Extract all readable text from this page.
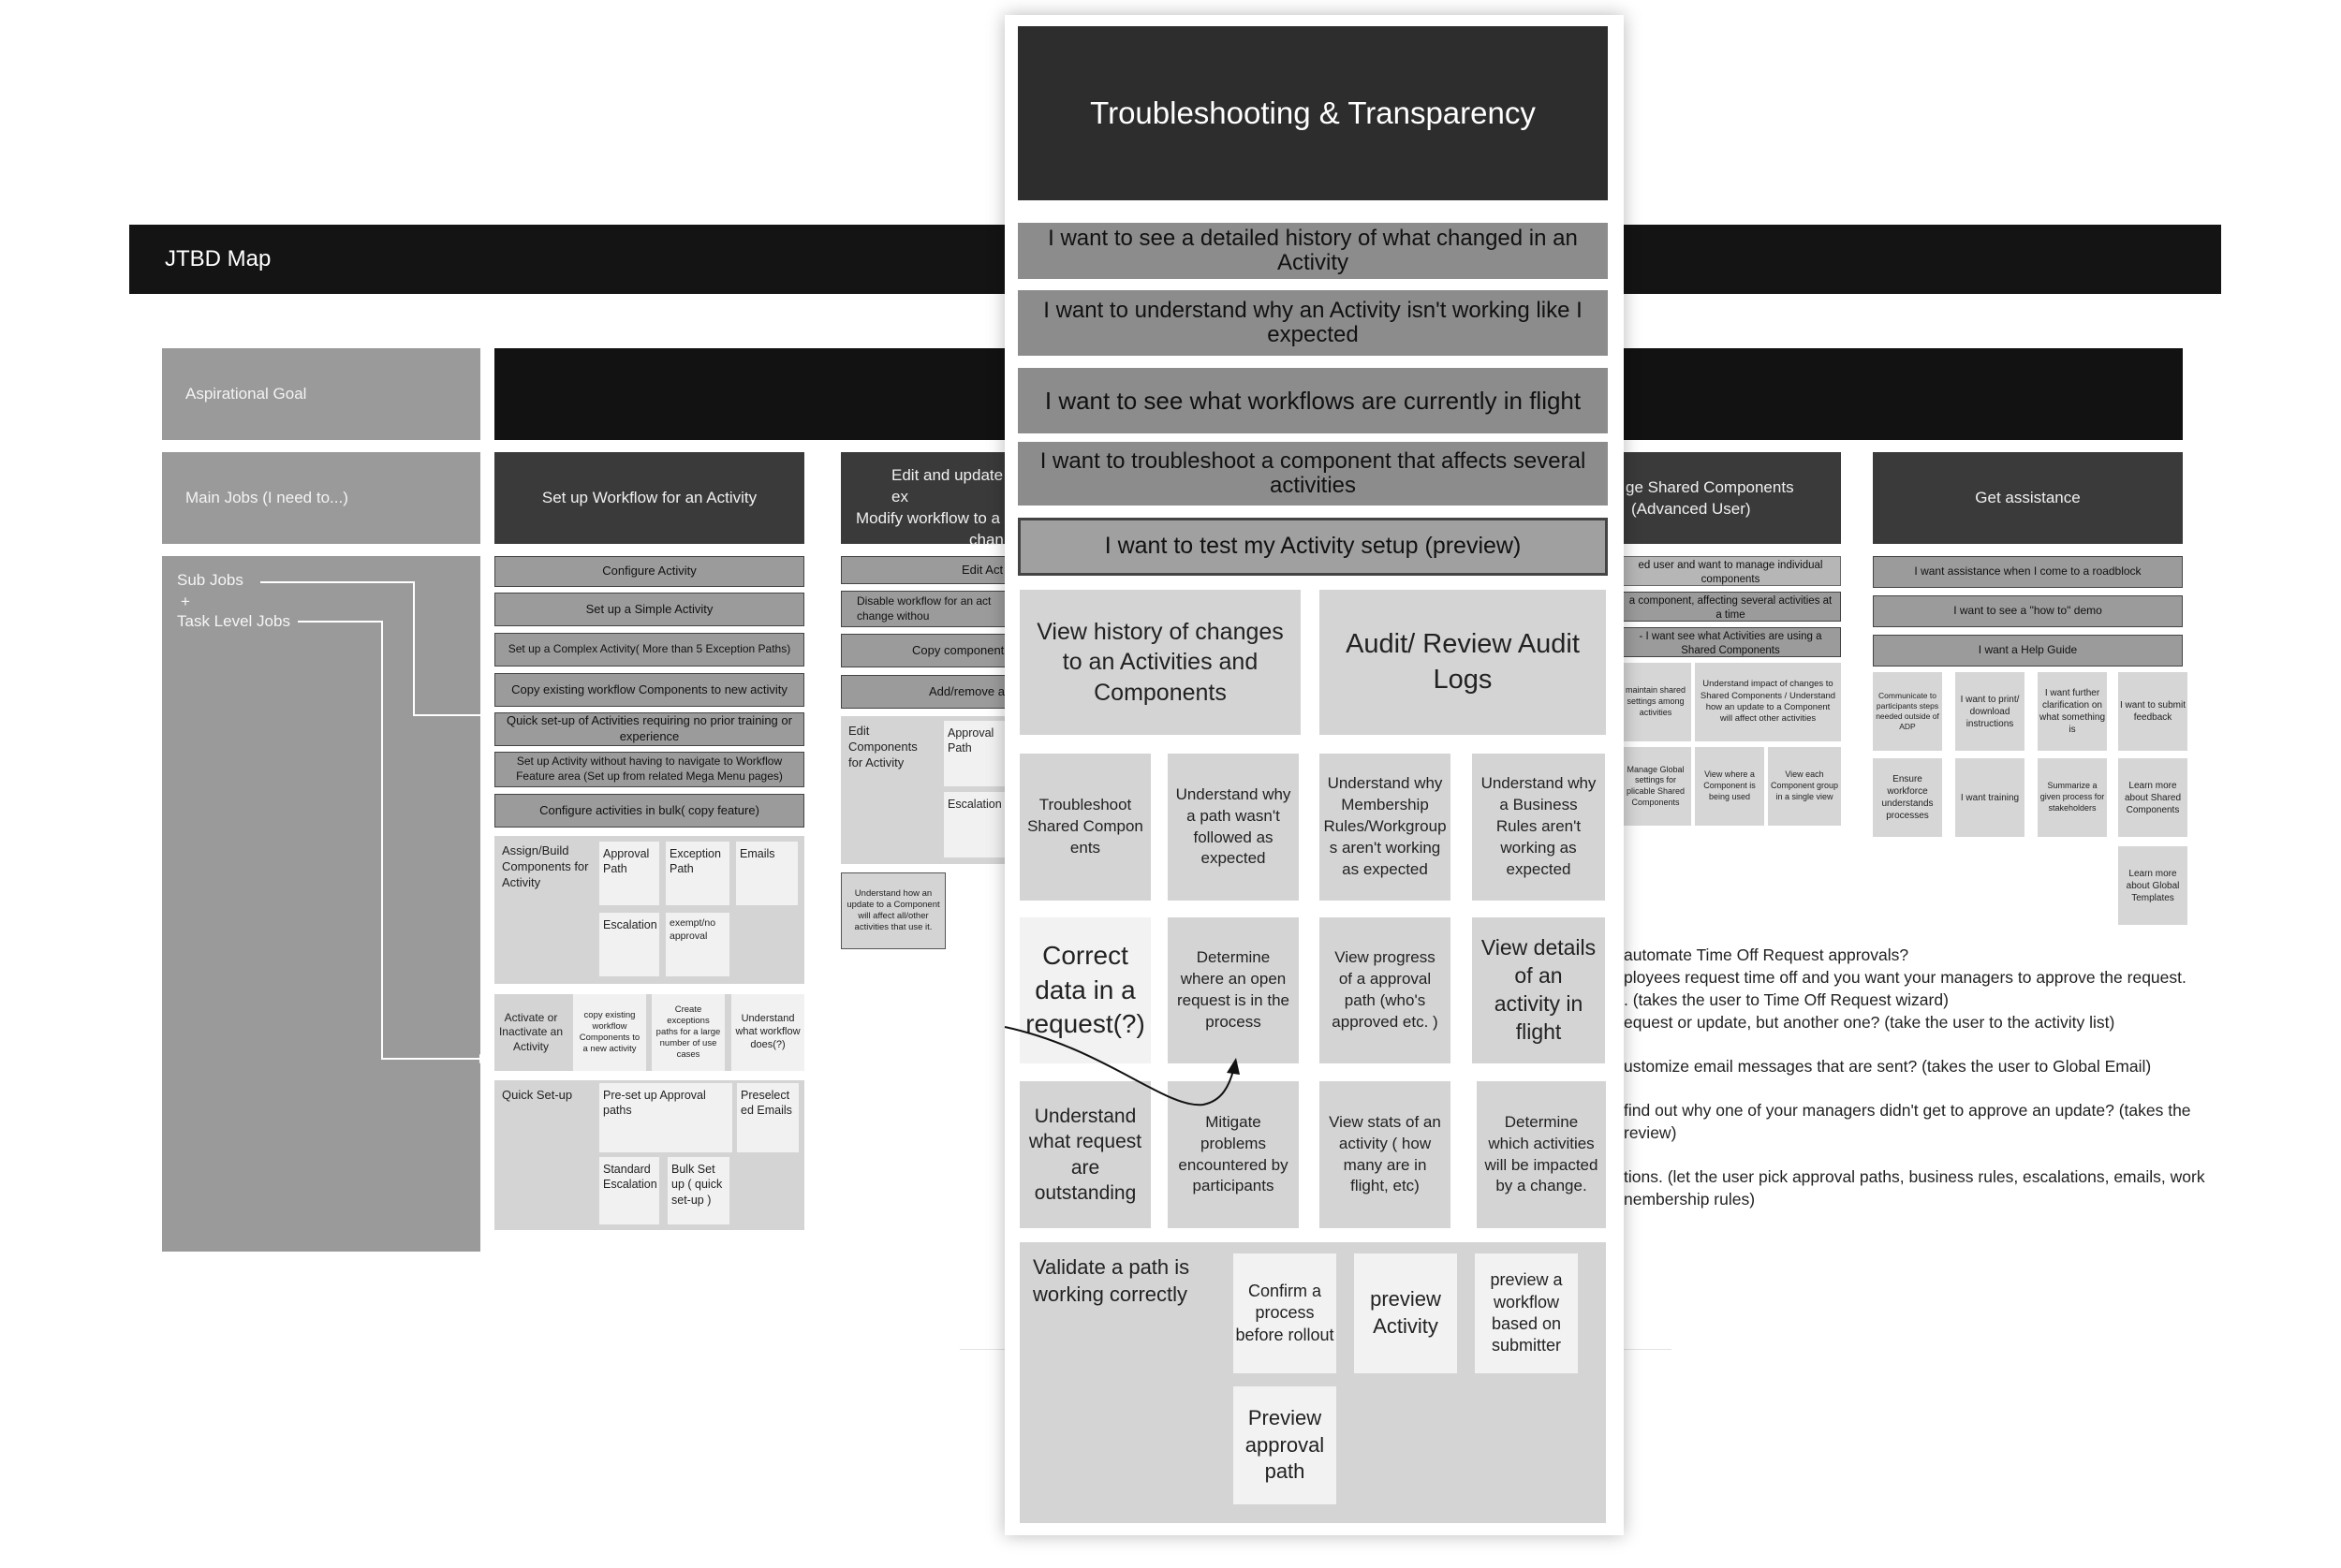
JTBD Map
Aspirational Goal
Main Jobs (I need to...)
Sub Jobs
+
Task Level Jobs
Set up Workflow for an Activity
Configure Activity
Set up a Simple Activity
Set up a Complex Activity( More than 5 Exception Paths)
Copy existing workflow Components to new activity
Quick set-up of Activities requiring no prior training or experience
Set up Activity without having to navigate to Workflow Feature area (Set up from related Mega Menu pages)
Configure activities in bulk( copy feature)
Assign/Build Components for Activity
Approval Path
Exception Path
Emails
Escalation	exempt/no approval
Activate or Inactivate an Activity
copy existing workflow Components to a new activity
Create exceptions paths for a large number of use cases
Understand what workflow does(?)
Quick Set-up	Pre-set up Approval paths
Preselect ed Emails
Standard Escalation
Bulk Set up ( quick set-up )
Edit and update ex
Modify workflow to a
chan
Edit Act
Disable workflow for an act change withou
Copy component
Add/remove a
Edit Components for Activity
Approval Path
Escalation
Understand how an update to a Component will affect all/other activities that use it.
ge Shared Components
(Advanced User)
ed user and want to manage individual components
a component, affecting several activities at a time
- I want see what Activities are using a Shared Components
maintain shared settings among activities
Understand impact of changes to Shared Components / Understand how an update to a Component will affect other activities
Manage Global settings for plicable Shared Components
View where a Component is being used
View each Component group in a single view
Get assistance
I want assistance when I come to a roadblock
I want to see a "how to" demo
I want a Help Guide
Communicate to participants steps needed outside of ADP
I want to print/ download instructions
I want further clarification on what something is
I want to submit feedback
Ensure workforce understands processes
I want training
Summarize a given process for stakeholders
Learn more about Shared Components
Learn more about Global Templates
automate Time Off Request approvals?
ployees request time off and you want your managers to approve the request.
. (takes the user to Time Off Request wizard)
equest or update, but another one? (take the user to the activity list)
ustomize email messages that are sent? (takes the user to Global Email)
find out why one of your managers didn't get to approve an update? (takes the
review)
tions. (let the user pick approval paths, business rules, escalations, emails, work
nembership rules)
Troubleshooting & Transparency
I want to see a detailed history of what changed in an Activity
I want to understand why an Activity isn't working like I expected
I want to see what workflows are currently in flight
I want to troubleshoot a component that affects several activities
I want to test my Activity setup (preview)
View history of changes to an Activities and Components
Audit/ Review Audit Logs
Troubleshoot Shared Compon ents
Understand why a path wasn't followed as expected
Understand why Membership Rules/Workgroup s aren't working as expected
Understand why a Business Rules aren't working as expected
Correct data in a request(?)
Determine where an open request is in the process
View progress of a approval path (who's approved etc. )
View details of an activity in flight
Understand what request are outstanding
Mitigate problems encountered by participants
View stats of an activity ( how many are in flight, etc)
Determine which activities will be impacted by a change.
Validate a path is working correctly	Confirm a process before rollout
preview Activity
preview a workflow based on submitter
Preview approval path
